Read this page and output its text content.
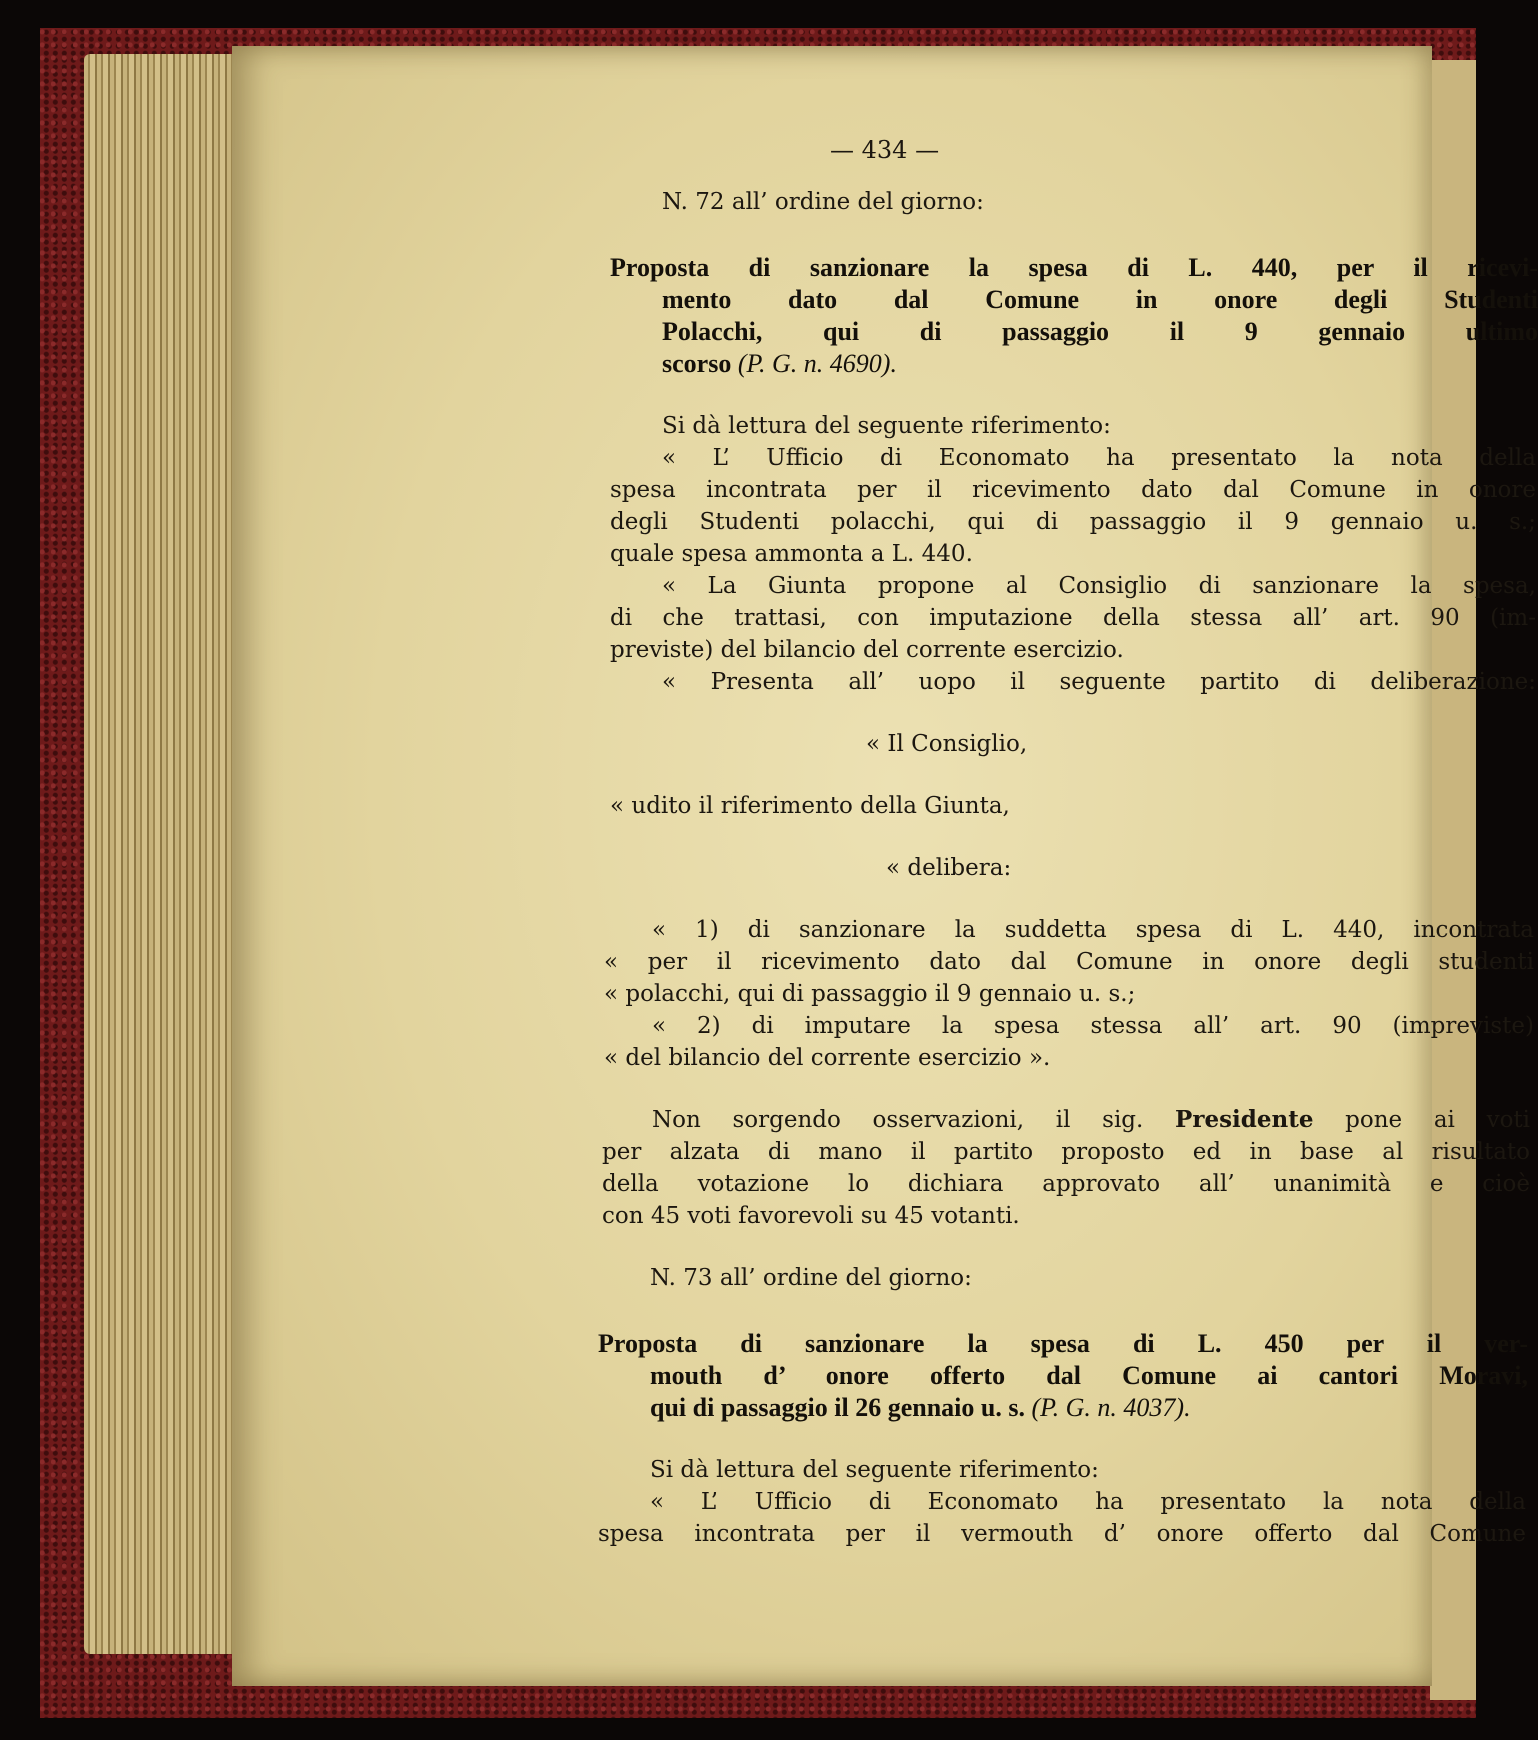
— 434 —
N. 72 all’ ordine del giorno:
Proposta di sanzionare la spesa di L. 440, per il ricevi-
mento dato dal Comune in onore degli Studenti
Polacchi, qui di passaggio il 9 gennaio ultimo
scorso (P. G. n. 4690).
Si dà lettura del seguente riferimento:
« L’ Ufficio di Economato ha presentato la nota della
spesa incontrata per il ricevimento dato dal Comune in onore
degli Studenti polacchi, qui di passaggio il 9 gennaio u. s.;
quale spesa ammonta a L. 440.
« La Giunta propone al Consiglio di sanzionare la spesa,
di che trattasi, con imputazione della stessa all’ art. 90 (im-
previste) del bilancio del corrente esercizio.
« Presenta all’ uopo il seguente partito di deliberazione:
« Il Consiglio,
« udito il riferimento della Giunta,
« delibera:
« 1) di sanzionare la suddetta spesa di L. 440, incontrata
« per il ricevimento dato dal Comune in onore degli studenti
« polacchi, qui di passaggio il 9 gennaio u. s.;
« 2) di imputare la spesa stessa all’ art. 90 (impreviste)
« del bilancio del corrente esercizio ».
Non sorgendo osservazioni, il sig. Presidente pone ai voti
per alzata di mano il partito proposto ed in base al risultato
della votazione lo dichiara approvato all’ unanimità e cioè
con 45 voti favorevoli su 45 votanti.
N. 73 all’ ordine del giorno:
Proposta di sanzionare la spesa di L. 450 per il ver-
mouth d’ onore offerto dal Comune ai cantori Moravi,
qui di passaggio il 26 gennaio u. s. (P. G. n. 4037).
Si dà lettura del seguente riferimento:
« L’ Ufficio di Economato ha presentato la nota della
spesa incontrata per il vermouth d’ onore offerto dal Comune
